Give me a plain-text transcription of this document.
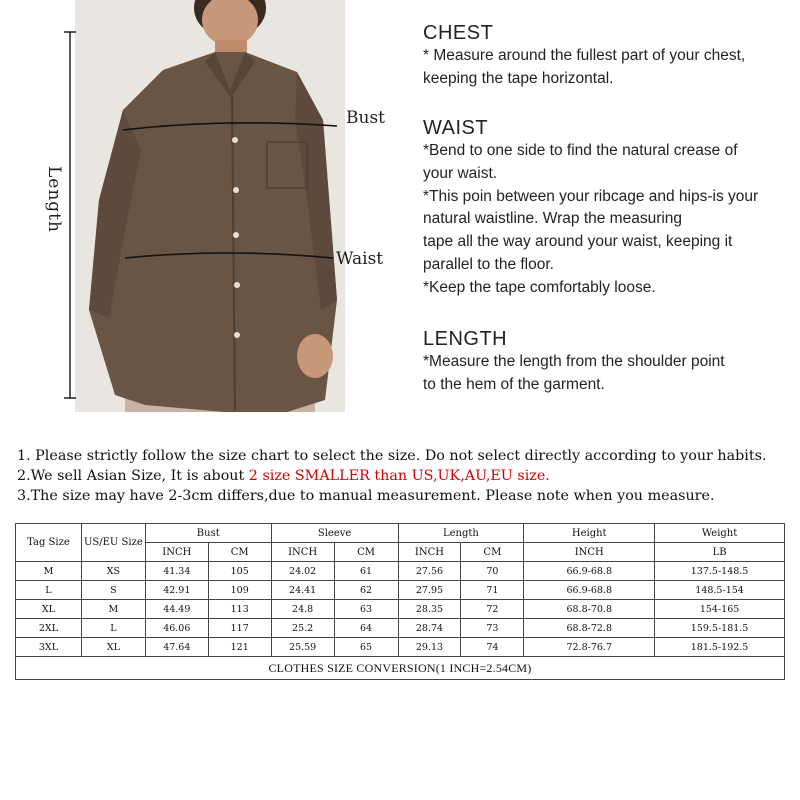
Length
Bust
Waist
CHEST

* Measure around the fullest part of your chest,

keeping the tape horizontal.

WAIST

*Bend to one side to find the natural crease of

your waist.

*This poin between your ribcage and hips-is your

natural waistline. Wrap the measuring

tape all the way around your waist, keeping it

parallel to the floor.

*Keep the tape comfortably loose.

LENGTH

*Measure the length from the shoulder point

to the hem of the garment.

1. Please strictly follow the size chart to select the size. Do not select directly according to your habits.
2.We sell Asian Size, It is about 2 size SMALLER than US,UK,AU,EU size.
3.The size may have 2-3cm differs,due to manual measurement. Please note when you measure.
Tag Size	US/EU Size	Bust		Sleeve		Length		Height	Weight
		INCH	CM	INCH	CM	INCH	CM	INCH	LB
M	XS	41.34	105	24.02	61	27.56	70	66.9-68.8	137.5-148.5
L	S	42.91	109	24.41	62	27.95	71	66.9-68.8	148.5-154
XL	M	44.49	113	24.8	63	28.35	72	68.8-70.8	154-165
2XL	L	46.06	117	25.2	64	28.74	73	68.8-72.8	159.5-181.5
3XL	XL	47.64	121	25.59	65	29.13	74	72.8-76.7	181.5-192.5
CLOTHES SIZE CONVERSION(1 INCH=2.54CM)									
